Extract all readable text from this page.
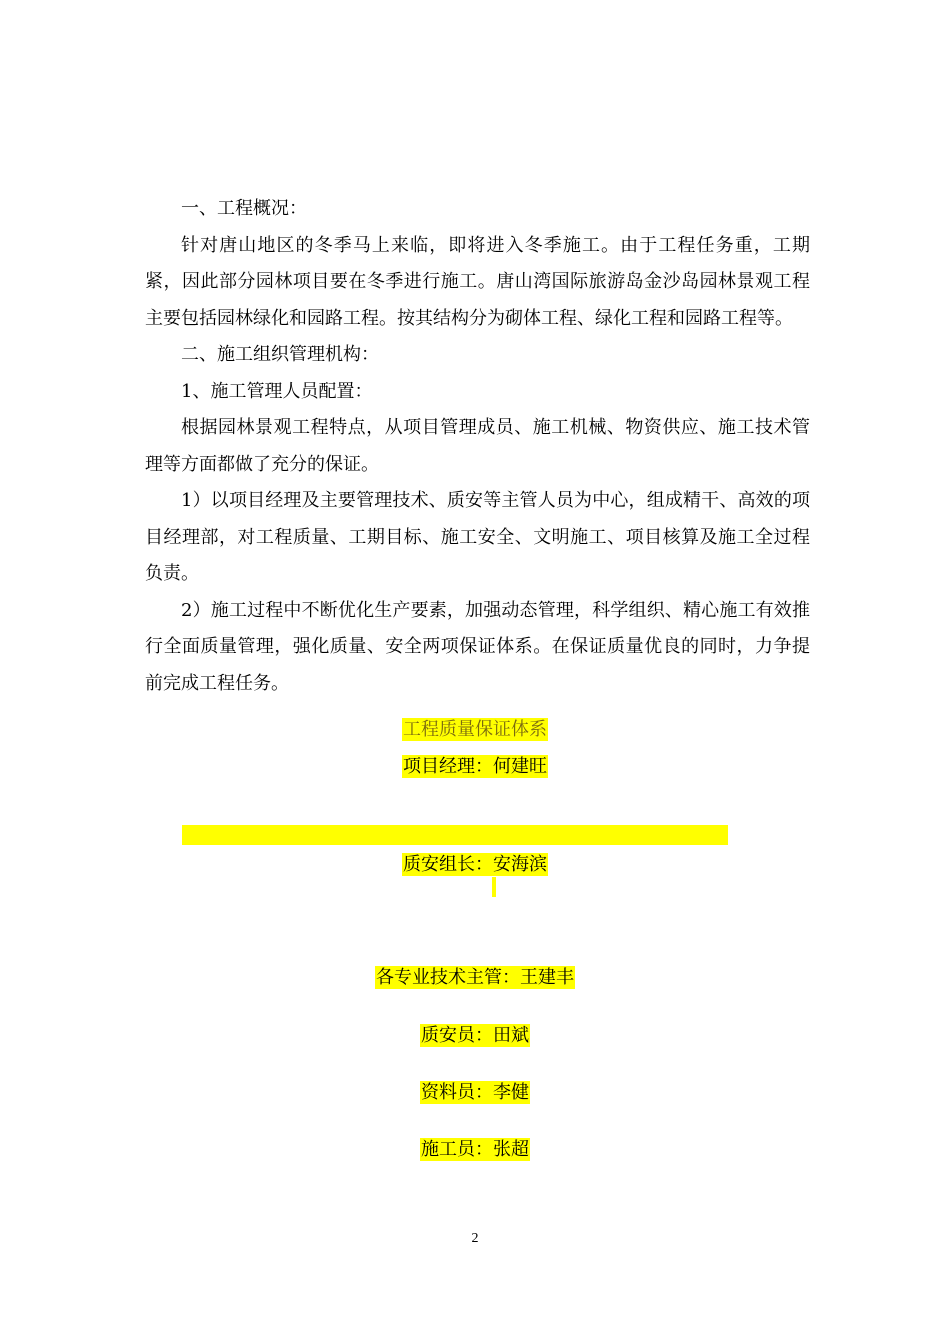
一、工程概况：

针对唐山地区的冬季马上来临，即将进入冬季施工。由于工程任务重，工期紧，因此部分园林项目要在冬季进行施工。唐山湾国际旅游岛金沙岛园林景观工程主要包括园林绿化和园路工程。按其结构分为砌体工程、绿化工程和园路工程等。

二、施工组织管理机构：

1、施工管理人员配置：

根据园林景观工程特点，从项目管理成员、施工机械、物资供应、施工技术管理等方面都做了充分的保证。

1）以项目经理及主要管理技术、质安等主管人员为中心，组成精干、高效的项目经理部，对工程质量、工期目标、施工安全、文明施工、项目核算及施工全过程负责。

2）施工过程中不断优化生产要素，加强动态管理，科学组织、精心施工有效推行全面质量管理，强化质量、安全两项保证体系。在保证质量优良的同时，力争提前完成工程任务。

工程质量保证体系
项目经理：何建旺
质安组长：安海滨
各专业技术主管：王建丰
质安员：田斌
资料员：李健
施工员：张超
2
